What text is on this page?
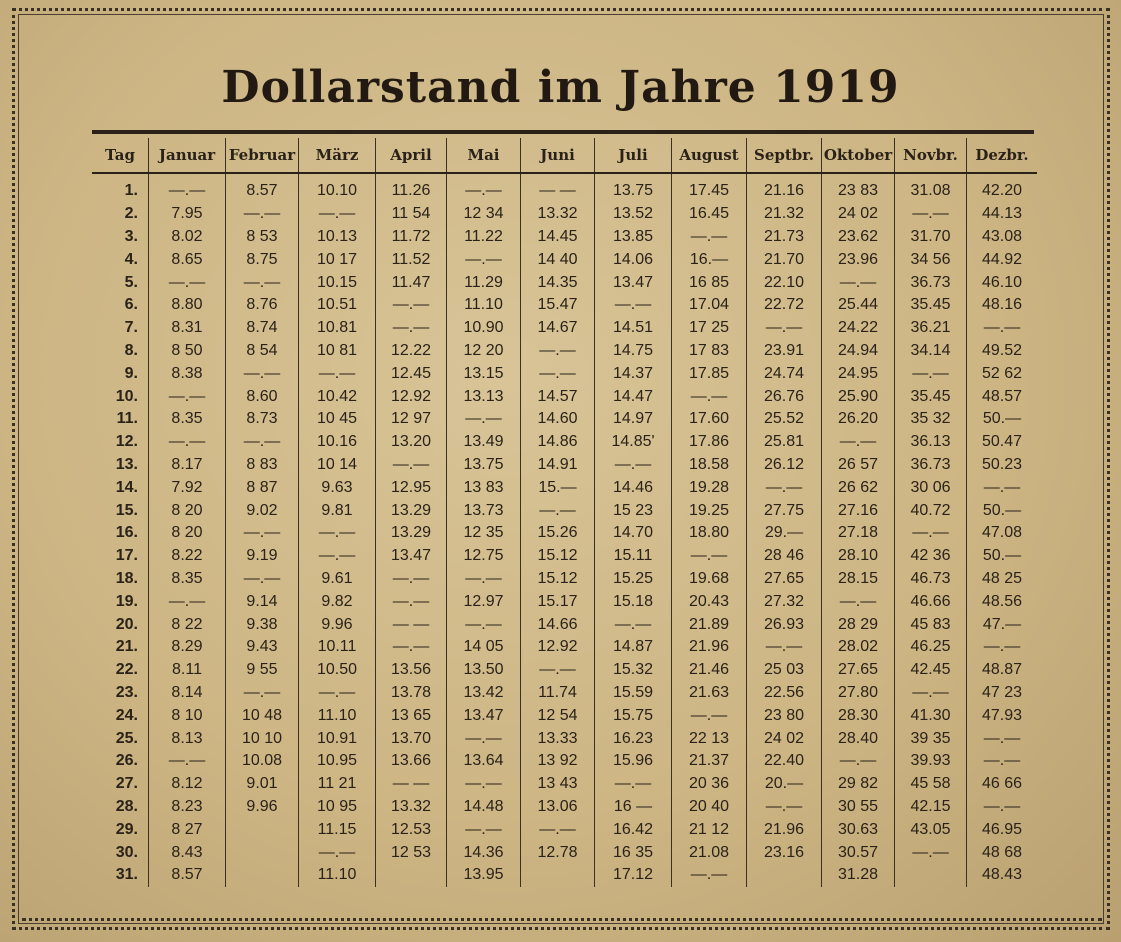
Dollarstand im Jahre 1919
Tag	Januar	Februar	März	April	Mai	Juni	Juli	August	Septbr.	Oktober	Novbr.	Dezbr.
1.	—.—	8.57	10.10	11.26	—.—	— —	13.75	17.45	21.16	23 83	31.08	42.20
2.	7.95	—.—	—.—	11 54	12 34	13.32	13.52	16.45	21.32	24 02	—.—	44.13
3.	8.02	8 53	10.13	11.72	11.22	14.45	13.85	—.—	21.73	23.62	31.70	43.08
4.	8.65	8.75	10 17	11.52	—.—	14 40	14.06	16.—	21.70	23.96	34 56	44.92
5.	—.—	—.—	10.15	11.47	11.29	14.35	13.47	16 85	22.10	—.—	36.73	46.10
6.	8.80	8.76	10.51	—.—	11.10	15.47	—.—	17.04	22.72	25.44	35.45	48.16
7.	8.31	8.74	10.81	—.—	10.90	14.67	14.51	17 25	—.—	24.22	36.21	—.—
8.	8 50	8 54	10 81	12.22	12 20	—.—	14.75	17 83	23.91	24.94	34.14	49.52
9.	8.38	—.—	—.—	12.45	13.15	—.—	14.37	17.85	24.74	24.95	—.—	52 62
10.	—.—	8.60	10.42	12.92	13.13	14.57	14.47	—.—	26.76	25.90	35.45	48.57
11.	8.35	8.73	10 45	12 97	—.—	14.60	14.97	17.60	25.52	26.20	35 32	50.—
12.	—.—	—.—	10.16	13.20	13.49	14.86	14.85'	17.86	25.81	—.—	36.13	50.47
13.	8.17	8 83	10 14	—.—	13.75	14.91	—.—	18.58	26.12	26 57	36.73	50.23
14.	7.92	8 87	9.63	12.95	13 83	15.—	14.46	19.28	—.—	26 62	30 06	—.—
15.	8 20	9.02	9.81	13.29	13.73	—.—	15 23	19.25	27.75	27.16	40.72	50.—
16.	8 20	—.—	—.—	13.29	12 35	15.26	14.70	18.80	29.—	27.18	—.—	47.08
17.	8.22	9.19	—.—	13.47	12.75	15.12	15.11	—.—	28 46	28.10	42 36	50.—
18.	8.35	—.—	9.61	—.—	—.—	15.12	15.25	19.68	27.65	28.15	46.73	48 25
19.	—.—	9.14	9.82	—.—	12.97	15.17	15.18	20.43	27.32	—.—	46.66	48.56
20.	8 22	9.38	9.96	— —	—.—	14.66	—.—	21.89	26.93	28 29	45 83	47.—
21.	8.29	9.43	10.11	—.—	14 05	12.92	14.87	21.96	—.—	28.02	46.25	—.—
22.	8.11	9 55	10.50	13.56	13.50	—.—	15.32	21.46	25 03	27.65	42.45	48.87
23.	8.14	—.—	—.—	13.78	13.42	11.74	15.59	21.63	22.56	27.80	—.—	47 23
24.	8 10	10 48	11.10	13 65	13.47	12 54	15.75	—.—	23 80	28.30	41.30	47.93
25.	8.13	10 10	10.91	13.70	—.—	13.33	16.23	22 13	24 02	28.40	39 35	—.—
26.	—.—	10.08	10.95	13.66	13.64	13 92	15.96	21.37	22.40	—.—	39.93	—.—
27.	8.12	9.01	11 21	— —	—.—	13 43	—.—	20 36	20.—	29 82	45 58	46 66
28.	8.23	9.96	10 95	13.32	14.48	13.06	16 —	20 40	—.—	30 55	42.15	—.—
29.	8 27		11.15	12.53	—.—	—.—	16.42	21 12	21.96	30.63	43.05	46.95
30.	8.43		—.—	12 53	14.36	12.78	16 35	21.08	23.16	30.57	—.—	48 68
31.	8.57		11.10		13.95		17.12	—.—		31.28		48.43
